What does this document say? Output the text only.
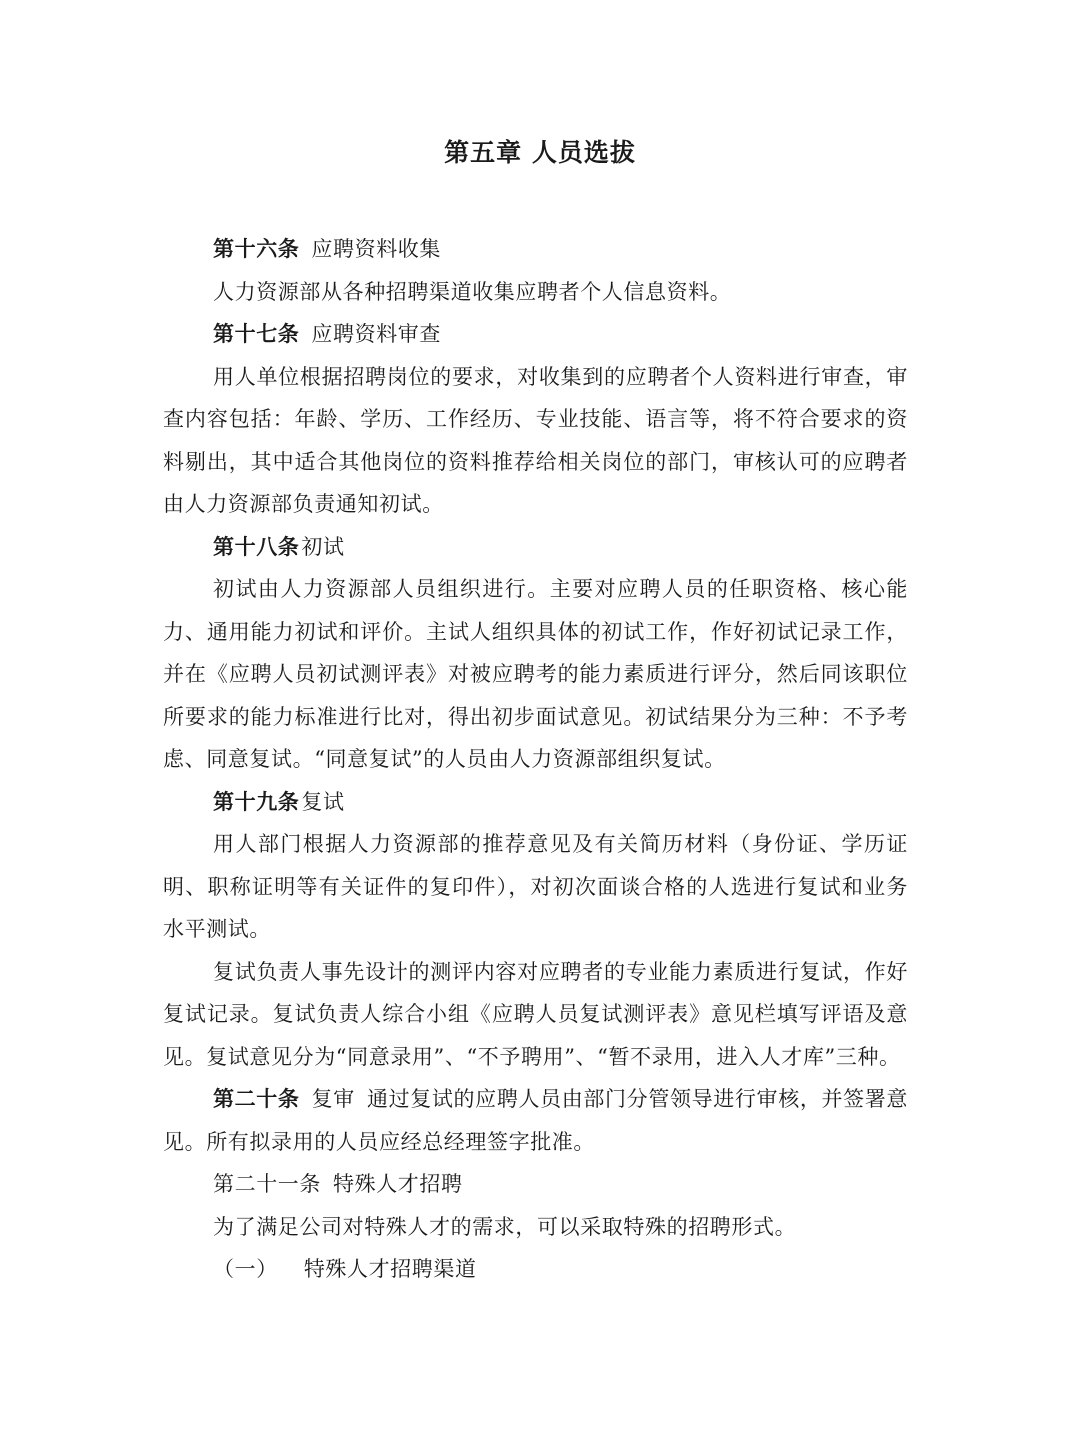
第五章 人员选拔

第十六条 应聘资料收集

人力资源部从各种招聘渠道收集应聘者个人信息资料。

第十七条 应聘资料审查

用人单位根据招聘岗位的要求，对收集到的应聘者个人资料进行审查，审查内容包括：年龄、学历、工作经历、专业技能、语言等，将不符合要求的资料剔出，其中适合其他岗位的资料推荐给相关岗位的部门，审核认可的应聘者由人力资源部负责通知初试。

第十八条初试

初试由人力资源部人员组织进行。主要对应聘人员的任职资格、核心能力、通用能力初试和评价。主试人组织具体的初试工作，作好初试记录工作，并在《应聘人员初试测评表》对被应聘考的能力素质进行评分，然后同该职位所要求的能力标准进行比对，得出初步面试意见。初试结果分为三种：不予考虑、同意复试。“同意复试”的人员由人力资源部组织复试。

第十九条复试

用人部门根据人力资源部的推荐意见及有关简历材料（身份证、学历证明、职称证明等有关证件的复印件），对初次面谈合格的人选进行复试和业务水平测试。

复试负责人事先设计的测评内容对应聘者的专业能力素质进行复试，作好复试记录。复试负责人综合小组《应聘人员复试测评表》意见栏填写评语及意见。复试意见分为“同意录用”、“不予聘用”、“暂不录用，进入人才库”三种。

第二十条 复审 通过复试的应聘人员由部门分管领导进行审核，并签署意见。所有拟录用的人员应经总经理签字批准。

第二十一条 特殊人才招聘

为了满足公司对特殊人才的需求，可以采取特殊的招聘形式。

（一） 特殊人才招聘渠道
